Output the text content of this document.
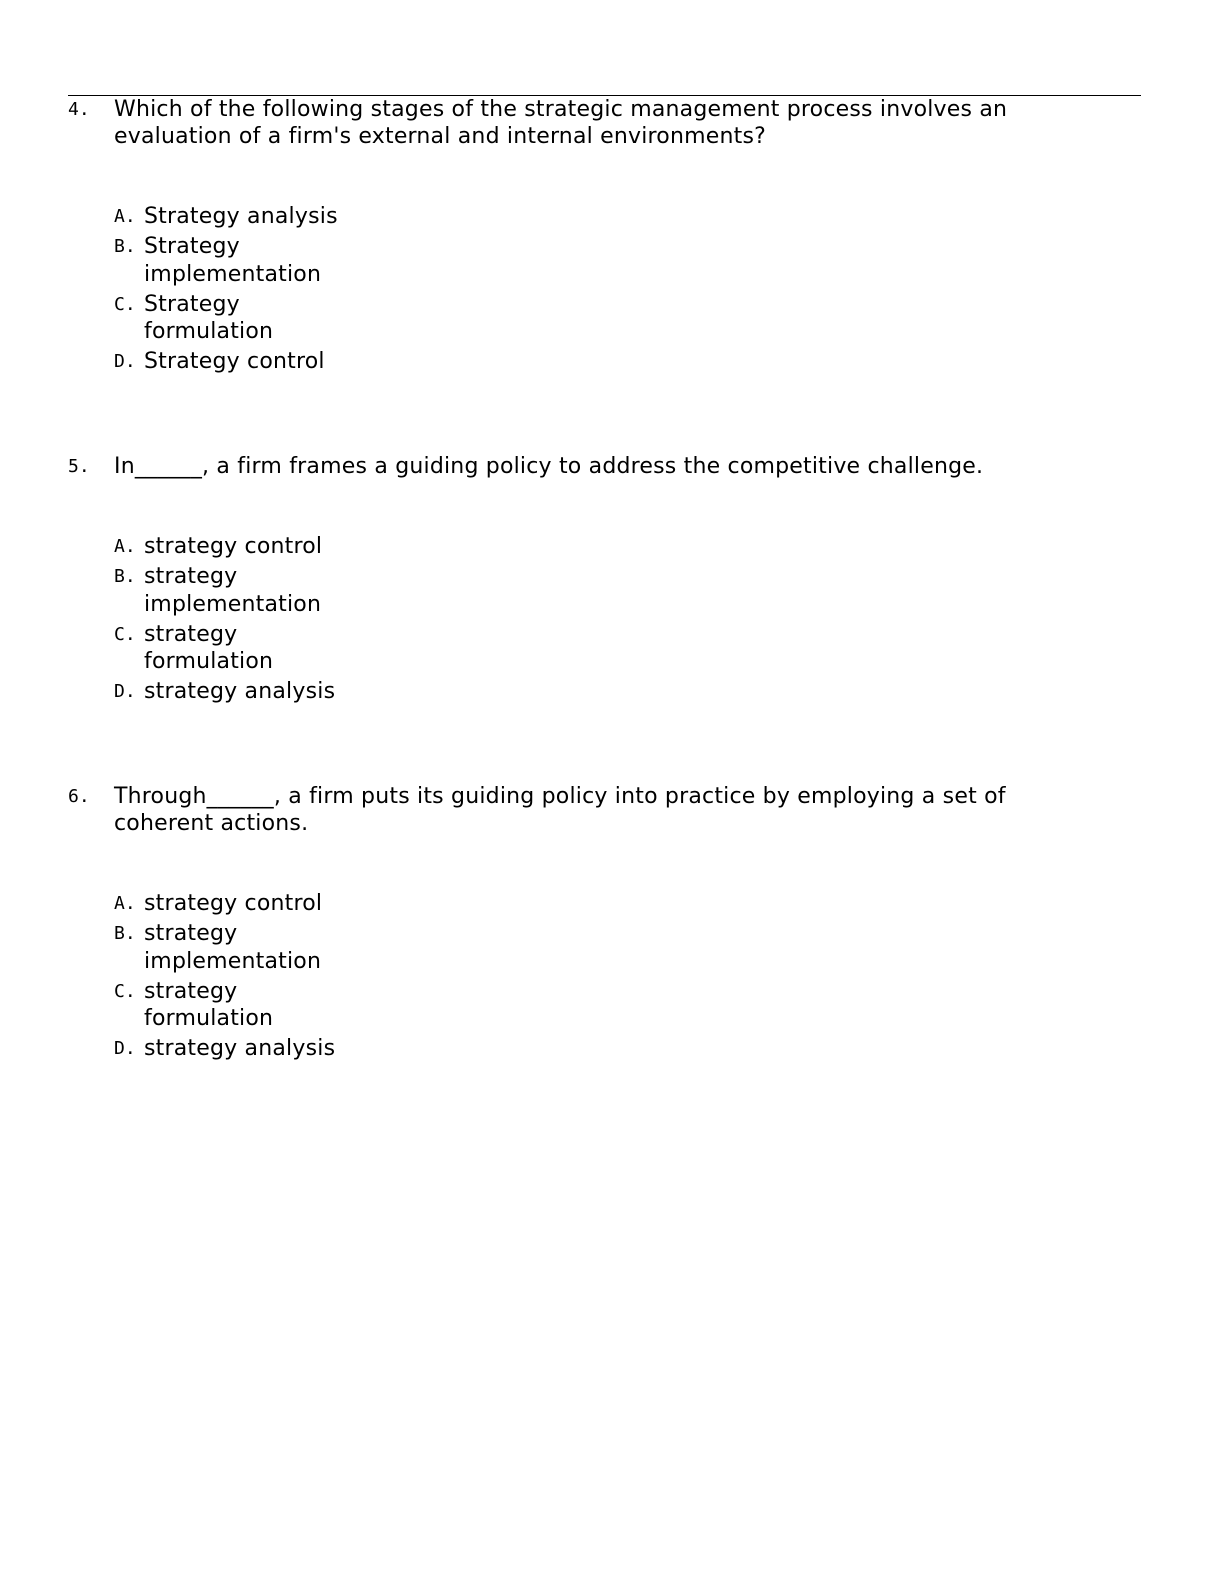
4.	Which of the following stages of the strategic management process involves an evaluation of a firm's external and internal environments?
A. Strategy analysis
B. Strategy implementation
C. Strategy formulation
D. Strategy control
5.	In______, a firm frames a guiding policy to address the competitive challenge.
A. strategy control
B. strategy implementation
C. strategy formulation
D. strategy analysis
6.	Through______, a firm puts its guiding policy into practice by employing a set of coherent actions.
A. strategy control
B. strategy implementation
C. strategy formulation
D. strategy analysis
